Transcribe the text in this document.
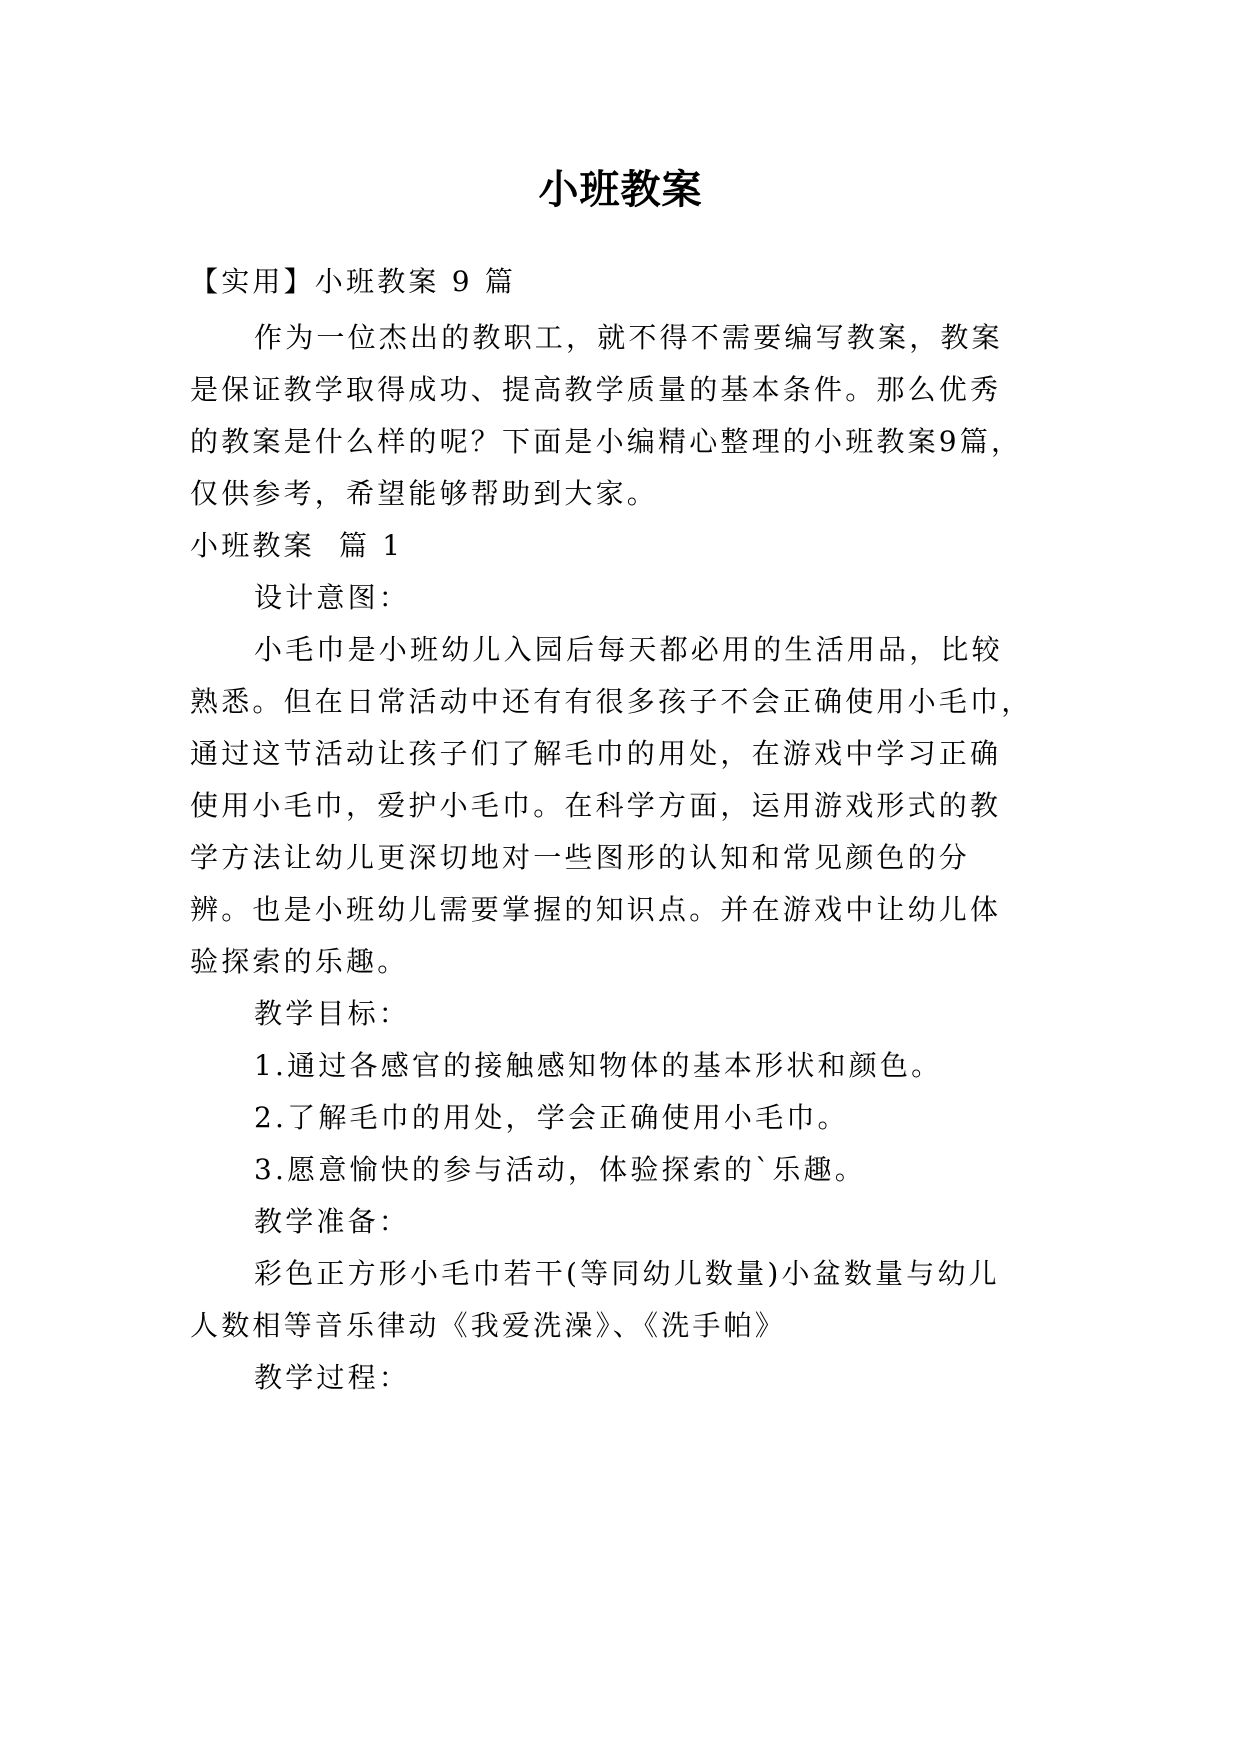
小班教案
【实用】小班教案 9 篇
作为一位杰出的教职工，就不得不需要编写教案，教案
是保证教学取得成功、提高教学质量的基本条件。那么优秀
的教案是什么样的呢？下面是小编精心整理的小班教案9篇，
仅供参考，希望能够帮助到大家。
小班教案  篇 1
设计意图：
小毛巾是小班幼儿入园后每天都必用的生活用品，比较
熟悉。但在日常活动中还有有很多孩子不会正确使用小毛巾，
通过这节活动让孩子们了解毛巾的用处，在游戏中学习正确
使用小毛巾，爱护小毛巾。在科学方面，运用游戏形式的教
学方法让幼儿更深切地对一些图形的认知和常见颜色的分
辨。也是小班幼儿需要掌握的知识点。并在游戏中让幼儿体
验探索的乐趣。
教学目标：
1.通过各感官的接触感知物体的基本形状和颜色。
2.了解毛巾的用处，学会正确使用小毛巾。
3.愿意愉快的参与活动，体验探索的`乐趣。
教学准备：
彩色正方形小毛巾若干(等同幼儿数量)小盆数量与幼儿
人数相等音乐律动《我爱洗澡》、《洗手帕》
教学过程：
